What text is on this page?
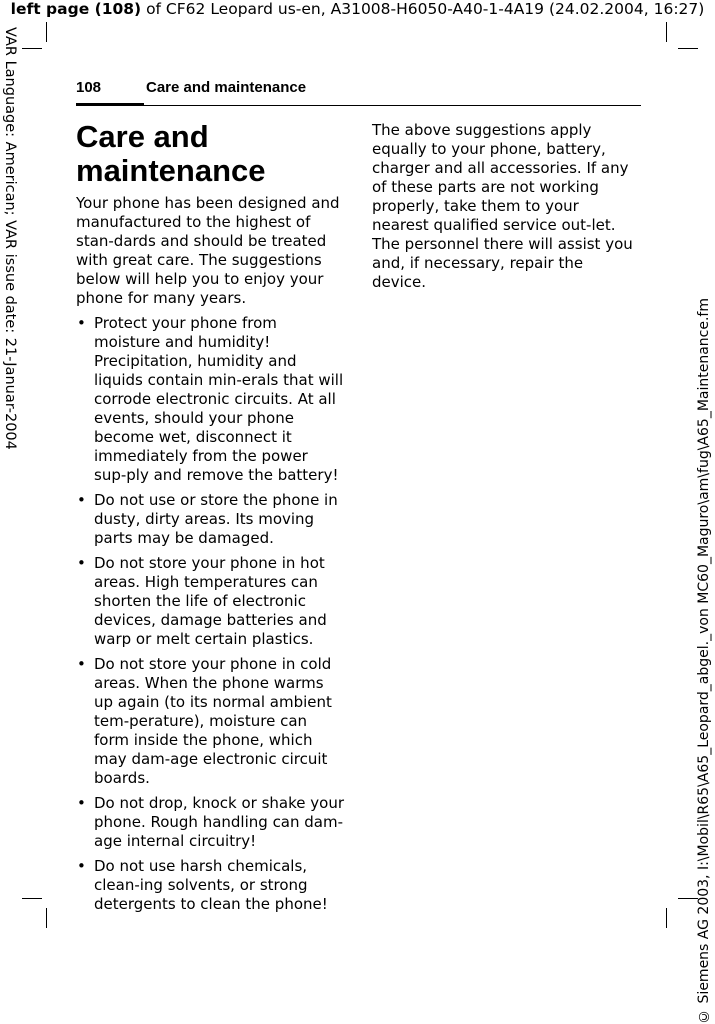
left page (108) of CF62 Leopard us-en, A31008-H6050-A40-1-4A19 (24.02.2004, 16:27)
VAR Language: American; VAR issue date: 21-Januar-2004
© Siemens AG 2003, I:\Mobil\R65\A65_Leopard_abgel._von MC60_Maguro\am\fug\A65_Maintenance.fm
108	Care and maintenance
Care and maintenance

Your phone has been designed and manufactured to the highest of stan-dards and should be treated with great care. The suggestions below will help you to enjoy your phone for many years.

• Protect your phone from moisture and humidity! Precipitation, humidity and liquids contain min-erals that will corrode electronic circuits. At all events, should your phone become wet, disconnect it immediately from the power sup-ply and remove the battery!
• Do not use or store the phone in dusty, dirty areas. Its moving parts may be damaged.
• Do not store your phone in hot areas. High temperatures can shorten the life of electronic devices, damage batteries and warp or melt certain plastics.
• Do not store your phone in cold areas. When the phone warms up again (to its normal ambient tem-perature), moisture can form inside the phone, which may dam-age electronic circuit boards.
• Do not drop, knock or shake your phone. Rough handling can dam-age internal circuitry!
• Do not use harsh chemicals, clean-ing solvents, or strong detergents to clean the phone!

The above suggestions apply equally to your phone, battery, charger and all accessories. If any of these parts are not working properly, take them to your nearest qualified service out-let. The personnel there will assist you and, if necessary, repair the device.
